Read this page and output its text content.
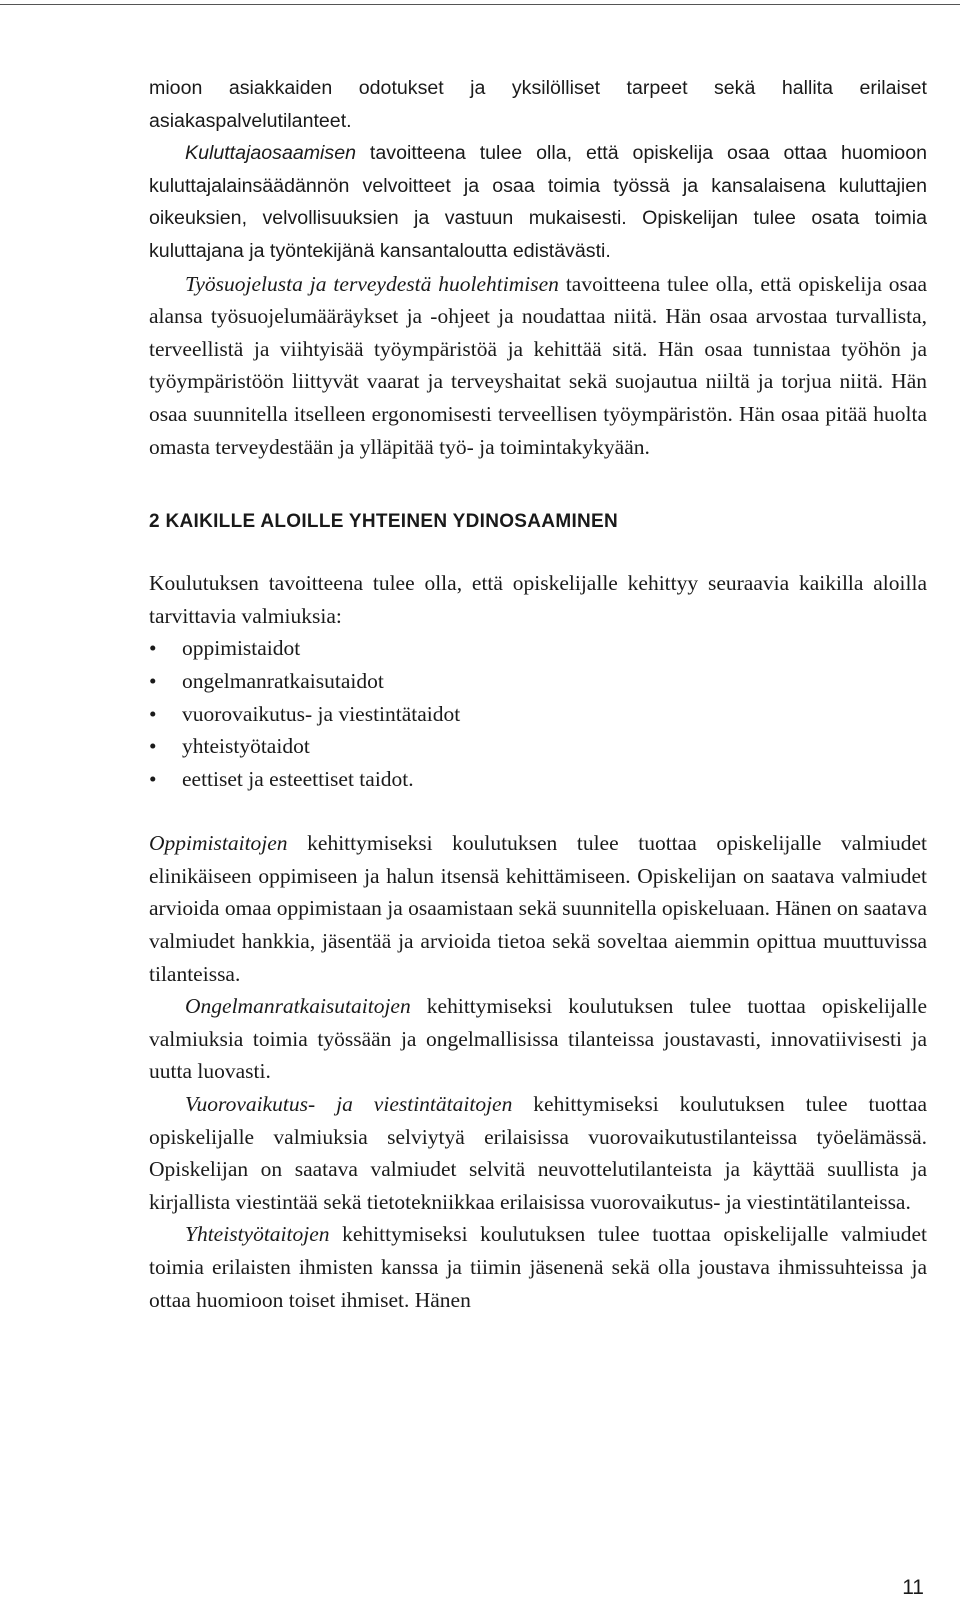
mioon asiakkaiden odotukset ja yksilölliset tarpeet sekä hallita erilaiset asiakaspalvelutilanteet.

Kuluttajaosaamisen tavoitteena tulee olla, että opiskelija osaa ottaa huomioon kuluttajalainsäädännön velvoitteet ja osaa toimia työssä ja kansalaisena kuluttajien oikeuksien, velvollisuuksien ja vastuun mukaisesti. Opiskelijan tulee osata toimia kuluttajana ja työntekijänä kansantaloutta edistävästi.

Työsuojelusta ja terveydestä huolehtimisen tavoitteena tulee olla, että opiskelija osaa alansa työsuojelumääräykset ja -ohjeet ja noudattaa niitä. Hän osaa arvostaa turvallista, terveellistä ja viihtyisää työympäristöä ja kehittää sitä. Hän osaa tunnistaa työhön ja työympäristöön liittyvät vaarat ja terveyshaitat sekä suojautua niiltä ja torjua niitä. Hän osaa suunnitella itselleen ergonomisesti terveellisen työympäristön. Hän osaa pitää huolta omasta terveydestään ja ylläpitää työ- ja toimintakykyään.

2 KAIKILLE ALOILLE YHTEINEN YDINOSAAMINEN

Koulutuksen tavoitteena tulee olla, että opiskelijalle kehittyy seuraavia kaikilla aloilla tarvittavia valmiuksia:

• oppimistaidot
• ongelmanratkaisutaidot
• vuorovaikutus- ja viestintätaidot
• yhteistyötaidot
• eettiset ja esteettiset taidot.

Oppimistaitojen kehittymiseksi koulutuksen tulee tuottaa opiskelijalle valmiudet elinikäiseen oppimiseen ja halun itsensä kehittämiseen. Opiskelijan on saatava valmiudet arvioida omaa oppimistaan ja osaamistaan sekä suunnitella opiskeluaan. Hänen on saatava valmiudet hankkia, jäsentää ja arvioida tietoa sekä soveltaa aiemmin opittua muuttuvissa tilanteissa.

Ongelmanratkaisutaitojen kehittymiseksi koulutuksen tulee tuottaa opiskelijalle valmiuksia toimia työssään ja ongelmallisissa tilanteissa joustavasti, innovatiivisesti ja uutta luovasti.

Vuorovaikutus- ja viestintätaitojen kehittymiseksi koulutuksen tulee tuottaa opiskelijalle valmiuksia selviytyä erilaisissa vuorovaikutustilanteissa työelämässä. Opiskelijan on saatava valmiudet selvitä neuvottelutilanteista ja käyttää suullista ja kirjallista viestintää sekä tietotekniikkaa erilaisissa vuorovaikutus- ja viestintätilanteissa.

Yhteistyötaitojen kehittymiseksi koulutuksen tulee tuottaa opiskelijalle valmiudet toimia erilaisten ihmisten kanssa ja tiimin jäsenenä sekä olla joustava ihmissuhteissa ja ottaa huomioon toiset ihmiset. Hänen

11
